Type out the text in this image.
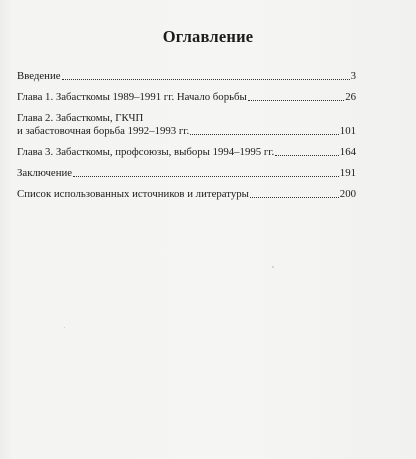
Оглавление
Введение	3
Глава 1. Забасткомы 1989–1991 гг. Начало борьбы	26
Глава 2. Забасткомы, ГКЧП
и забастовочная борьба 1992–1993 гг.	101
Глава 3. Забасткомы, профсоюзы, выборы 1994–1995 гг.	164
Заключение	191
Список использованных источников и литературы	200
